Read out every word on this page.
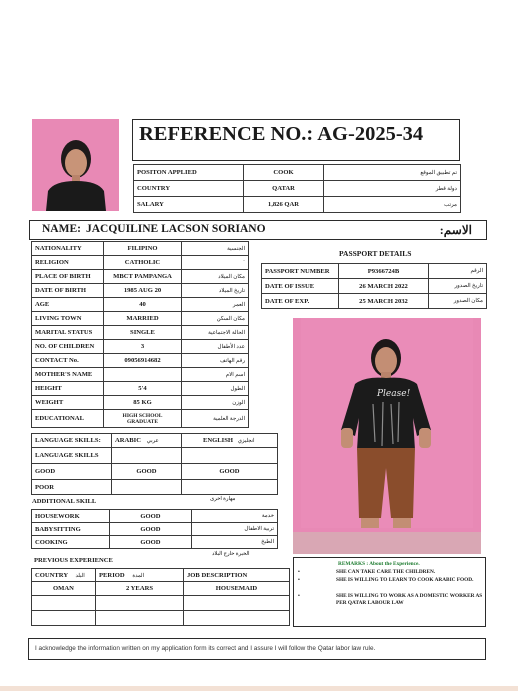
REFERENCE NO.: AG-2025-34
POSITON APPLIED	COOK	تم تطبيق الموقع
COUNTRY	QATAR	دولة قطر
SALARY	1,826 QAR	مرتب
NAME: JACQUILINE LACSON SORIANO	الاسم:
NATIONALITY	FILIPINO	الجنسية
RELIGION	CATHOLIC	`
PLACE OF BIRTH	MBCT PAMPANGA	مكان الميلاد
DATE OF BIRTH	1985 AUG 20	تاريخ الميلاد
AGE	40	العمر
LIVING TOWN	MARRIED	مكان السكن
MARITAL STATUS	SINGLE	الحالة الاجتماعية
NO. OF CHILDREN	3	عدد الأطفال
CONTACT No.	09056914682	رقم الهاتف
MOTHER'S NAME		اسم الام
HEIGHT	5'4	الطول
WEIGHT	85 KG	الوزن
EDUCATIONAL	HIGH SCHOOL GRADUATE	الدرجة العلمية
PASSPORT DETAILS
PASSPORT NUMBER	P9366724B	الرقم
DATE OF ISSUE	26 MARCH 2022	تاريخ الصدور
DATE OF EXP.	25 MARCH 2032	مكان الصدور
Please!
LANGUAGE SKILLS:	ARABIC عربي	ENGLISH انجليزي
LANGUAGE SKILLS		
GOOD	GOOD	GOOD
POOR		
ADDITIONAL SKILL	مهارة اخرى
HOUSEWORK	GOOD	خدمة
BABYSITTING	GOOD	تربية الاطفال
COOKING	GOOD	الطبخ
PREVIOUS EXPERIENCE
الخبرة خارج البلاد
COUNTRY البلد	PERIOD المدة	JOB DESCRIPTION
OMAN	2 YEARS	HOUSEMAID

REMARKS : About the Experience.
•	SHE CAN TAKE CARE THE CHILDREN.
•	SHE IS WILLING TO LEARN TO COOK ARABIC FOOD.
•	SHE IS WILLING TO WORK AS A DOMESTIC WORKER AS PER QATAR LABOUR LAW
I acknowledge the information written on my application form its correct and I assure I will follow the Qatar labor law rule.
